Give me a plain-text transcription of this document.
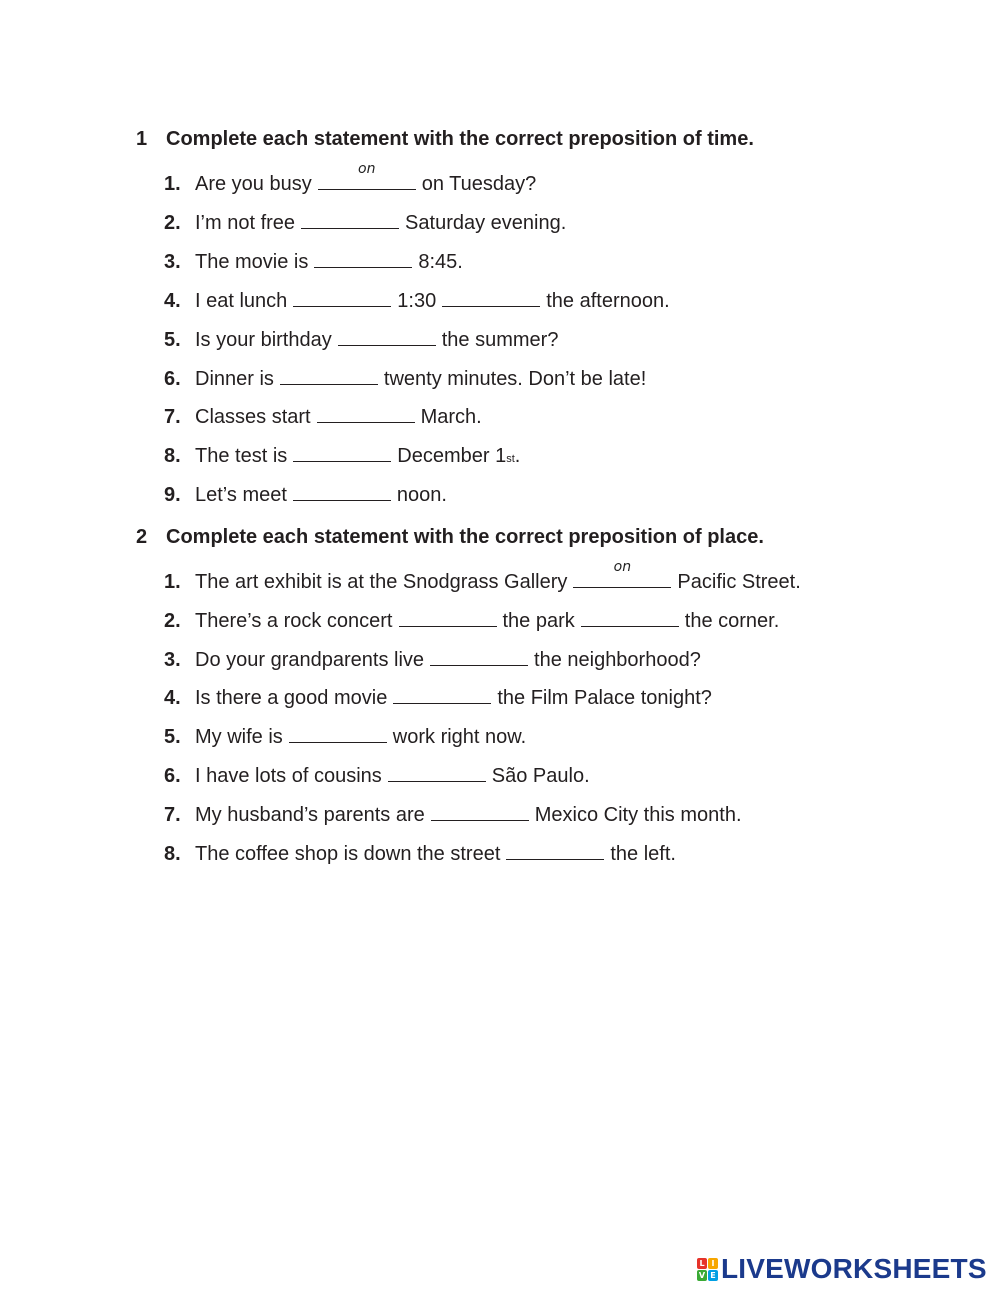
1 Complete each statement with the correct preposition of time.
1. Are you busy
on
on Tuesday?
2. I’m not free	Saturday evening.
3. The movie is	8:45.
4. I eat lunch	1:30	the afternoon.
5. Is your birthday	the summer?
6. Dinner is	twenty minutes. Don’t be late!
7. Classes start	March.
8. The test is	December 1 st .
9. Let’s meet	noon.
2 Complete each statement with the correct preposition of place.
1. The art exhibit is at the Snodgrass Gallery
on
Pacific Street.
2. There’s a rock concert	the park	the corner.
3. Do your grandparents live	the neighborhood?
4. Is there a good movie	the Film Palace tonight?
5. My wife is	work right now.
6. I have lots of cousins	São Paulo.
7. My husband’s parents are	Mexico City this month.
8. The coffee shop is down the street	the left.
L I
V E LIVEWORKSHEETS
